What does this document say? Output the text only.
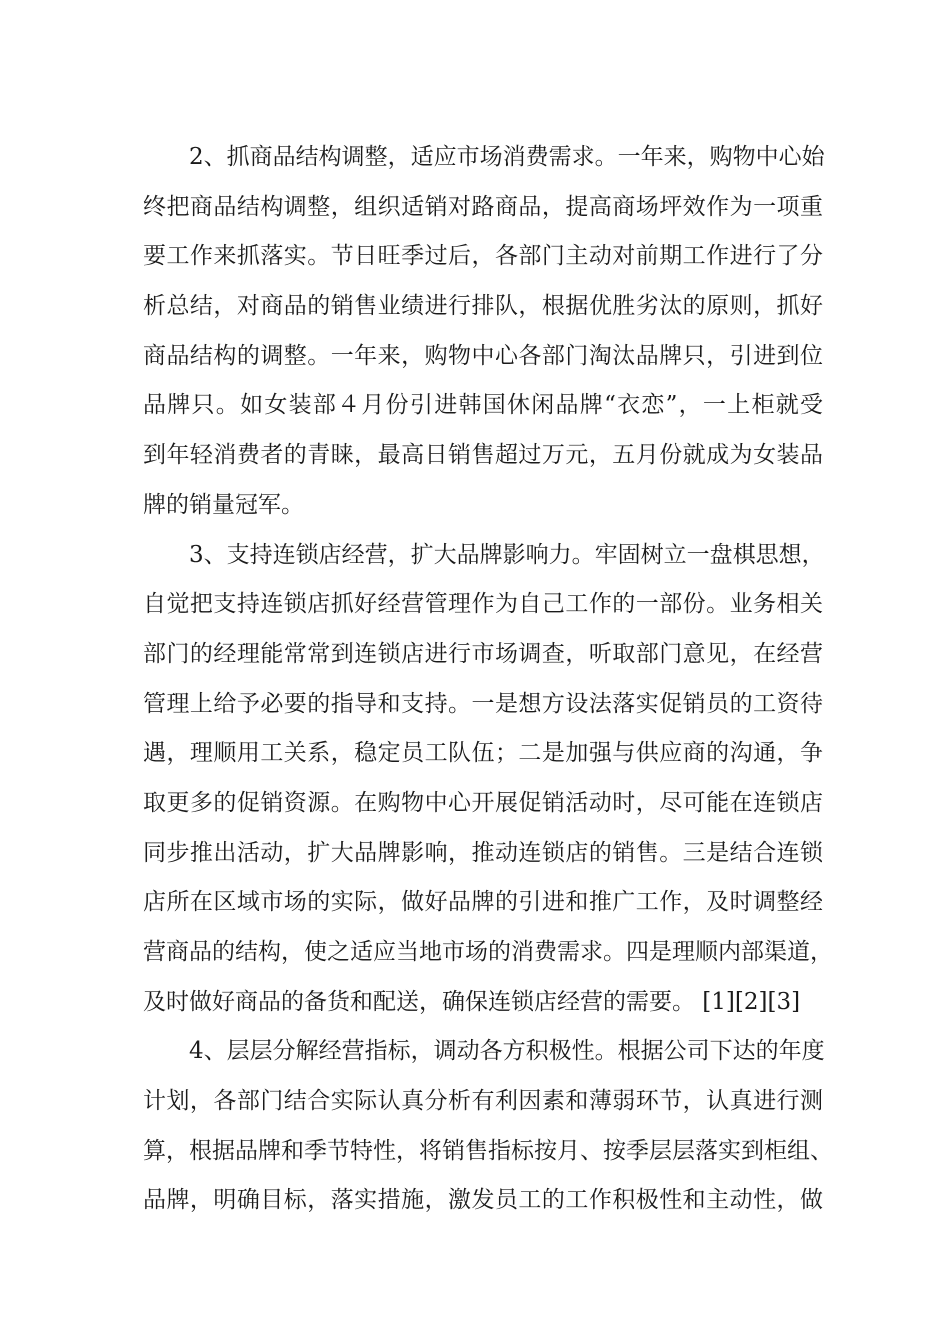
2、抓商品结构调整，适应市场消费需求。一年来，购物中心始
终把商品结构调整，组织适销对路商品，提高商场坪效作为一项重
要工作来抓落实。节日旺季过后，各部门主动对前期工作进行了分
析总结，对商品的销售业绩进行排队，根据优胜劣汰的原则，抓好
商品结构的调整。一年来，购物中心各部门淘汰品牌只，引进到位
品牌只。如女装部４月份引进韩国休闲品牌“衣恋”，一上柜就受
到年轻消费者的青睐，最高日销售超过万元，五月份就成为女装品
牌的销量冠军。
3、支持连锁店经营，扩大品牌影响力。牢固树立一盘棋思想，
自觉把支持连锁店抓好经营管理作为自己工作的一部份。业务相关
部门的经理能常常到连锁店进行市场调查，听取部门意见，在经营
管理上给予必要的指导和支持。一是想方设法落实促销员的工资待
遇，理顺用工关系，稳定员工队伍；二是加强与供应商的沟通，争
取更多的促销资源。在购物中心开展促销活动时，尽可能在连锁店
同步推出活动，扩大品牌影响，推动连锁店的销售。三是结合连锁
店所在区域市场的实际，做好品牌的引进和推广工作，及时调整经
营商品的结构，使之适应当地市场的消费需求。四是理顺内部渠道，
及时做好商品的备货和配送，确保连锁店经营的需要。 [1][2][3]
4、层层分解经营指标，调动各方积极性。根据公司下达的年度
计划，各部门结合实际认真分析有利因素和薄弱环节，认真进行测
算，根据品牌和季节特性，将销售指标按月、按季层层落实到柜组、
品牌，明确目标，落实措施，激发员工的工作积极性和主动性，做
